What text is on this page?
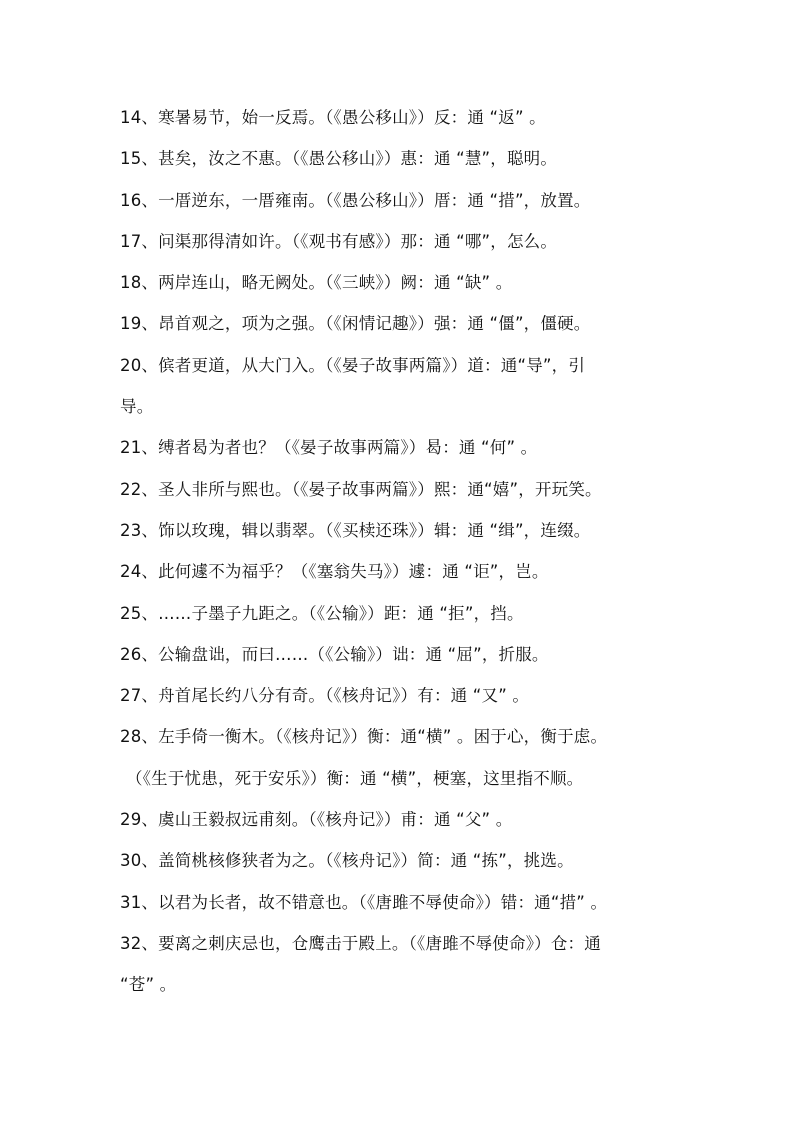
14、寒暑易节，始一反焉。（《愚公移山》）反：通 “返” 。
15、甚矣，汝之不惠。（《愚公移山》）惠：通 “慧”，聪明。
16、一厝逆东，一厝雍南。（《愚公移山》）厝：通 “措”，放置。
17、问渠那得清如许。（《观书有感》）那：通 “哪”，怎么。
18、两岸连山，略无阙处。（《三峡》）阙：通 “缺” 。
19、昂首观之，项为之强。（《闲情记趣》）强：通 “僵”，僵硬。
20、傧者更道，从大门入。（《晏子故事两篇》）道：通“导”，引
导。
21、缚者曷为者也？（《晏子故事两篇》）曷：通 “何” 。
22、圣人非所与熙也。（《晏子故事两篇》）熙：通“嬉”，开玩笑。
23、饰以玫瑰，辑以翡翠。（《买椟还珠》）辑：通 “缉”，连缀。
24、此何遽不为福乎？（《塞翁失马》）遽：通 “讵”，岂。
25、……子墨子九距之。（《公输》）距：通 “拒”，挡。
26、公输盘诎，而曰……（《公输》）诎：通 “屈”，折服。
27、舟首尾长约八分有奇。（《核舟记》）有：通 “又” 。
28、左手倚一衡木。（《核舟记》）衡：通“横” 。困于心，衡于虑。
（《生于忧患，死于安乐》）衡：通 “横”，梗塞，这里指不顺。
29、虞山王毅叔远甫刻。（《核舟记》）甫：通 “父” 。
30、盖简桃核修狭者为之。（《核舟记》）简：通 “拣”，挑选。
31、以君为长者，故不错意也。（《唐雎不辱使命》）错：通“措” 。
32、要离之刺庆忌也，仓鹰击于殿上。（《唐雎不辱使命》）仓：通
“苍” 。
